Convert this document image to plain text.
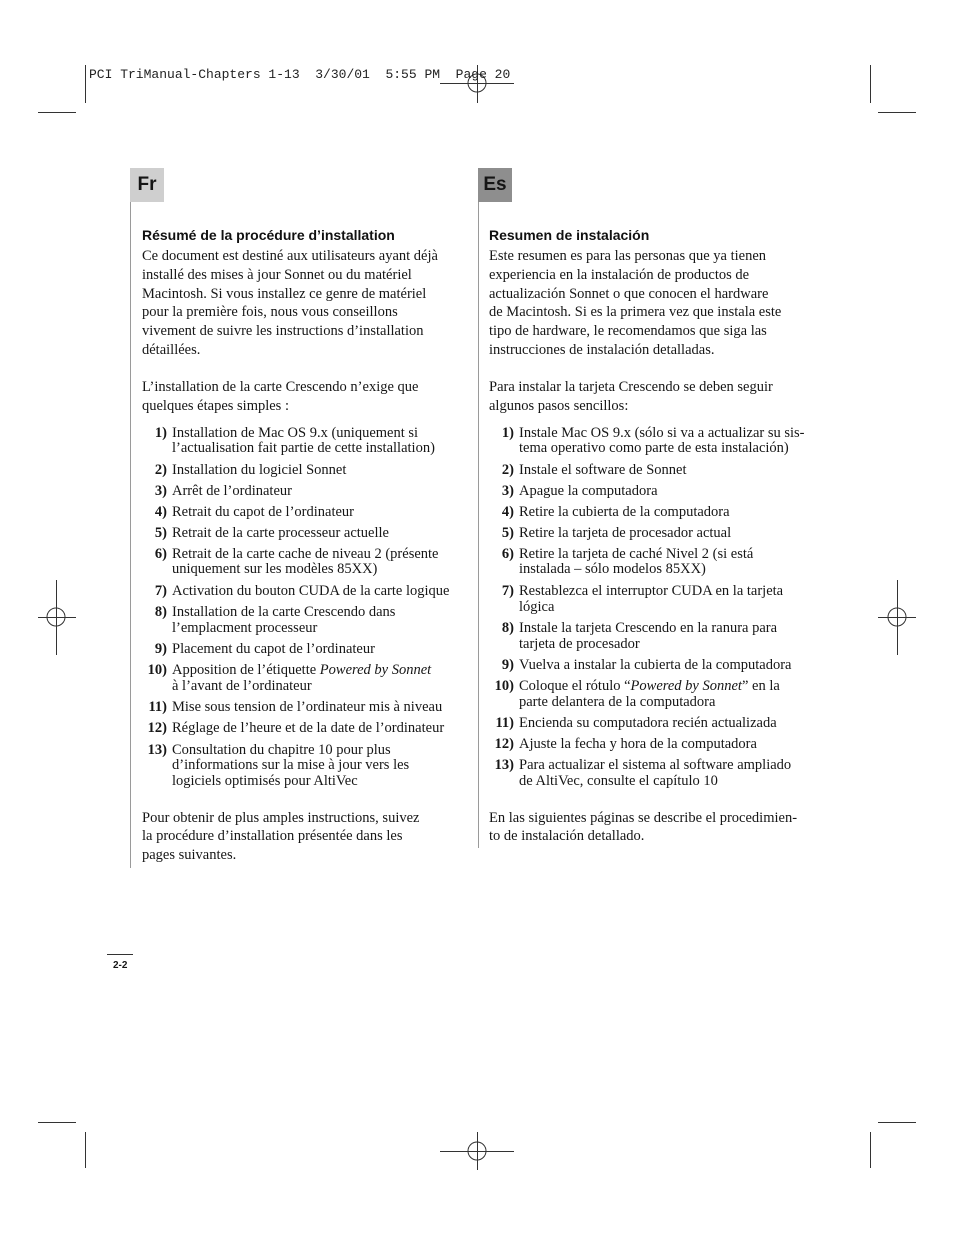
PCI TriManual-Chapters 1-13  3/30/01  5:55 PM  Page 20
Fr	Es
Résumé de la procédure d’installation
Ce document est destiné aux utilisateurs ayant déjà
installé des mises à jour Sonnet ou du matériel
Macintosh. Si vous installez ce genre de matériel
pour la première fois, nous vous conseillons
vivement de suivre les instructions d’installation
détaillées.
L’installation de la carte Crescendo n’exige que
quelques étapes simples :
1) Installation de Mac OS 9.x (uniquement si
l’actualisation fait partie de cette installation)
2) Installation du logiciel Sonnet
3) Arrêt de l’ordinateur
4) Retrait du capot de l’ordinateur
5) Retrait de la carte processeur actuelle
6) Retrait de la carte cache de niveau 2 (présente
uniquement sur les modèles 85XX)
7) Activation du bouton CUDA de la carte logique
8) Installation de la carte Crescendo dans
l’emplacment processeur
9) Placement du capot de l’ordinateur
10) Apposition de l’étiquette Powered by Sonnet
à l’avant de l’ordinateur
11) Mise sous tension de l’ordinateur mis à niveau
12) Réglage de l’heure et de la date de l’ordinateur
13) Consultation du chapitre 10 pour plus
d’informations sur la mise à jour vers les
logiciels optimisés pour AltiVec
Pour obtenir de plus amples instructions, suivez
la procédure d’installation présentée dans les
pages suivantes.
Resumen de instalación
Este resumen es para las personas que ya tienen
experiencia en la instalación de productos de
actualización Sonnet o que conocen el hardware
de Macintosh. Si es la primera vez que instala este
tipo de hardware, le recomendamos que siga las
instrucciones de instalación detalladas.
Para instalar la tarjeta Crescendo se deben seguir
algunos pasos sencillos:
1) Instale Mac OS 9.x (sólo si va a actualizar su sis-
tema operativo como parte de esta instalación)
2) Instale el software de Sonnet
3) Apague la computadora
4) Retire la cubierta de la computadora
5) Retire la tarjeta de procesador actual
6) Retire la tarjeta de caché Nivel 2 (si está
instalada – sólo modelos 85XX)
7) Restablezca el interruptor CUDA en la tarjeta
lógica
8) Instale la tarjeta Crescendo en la ranura para
tarjeta de procesador
9) Vuelva a instalar la cubierta de la computadora
10) Coloque el rótulo “Powered by Sonnet” en la
parte delantera de la computadora
11) Encienda su computadora recién actualizada
12) Ajuste la fecha y hora de la computadora
13) Para actualizar el sistema al software ampliado
de AltiVec, consulte el capítulo 10
En las siguientes páginas se describe el procedimien-
to de instalación detallado.
2-2
